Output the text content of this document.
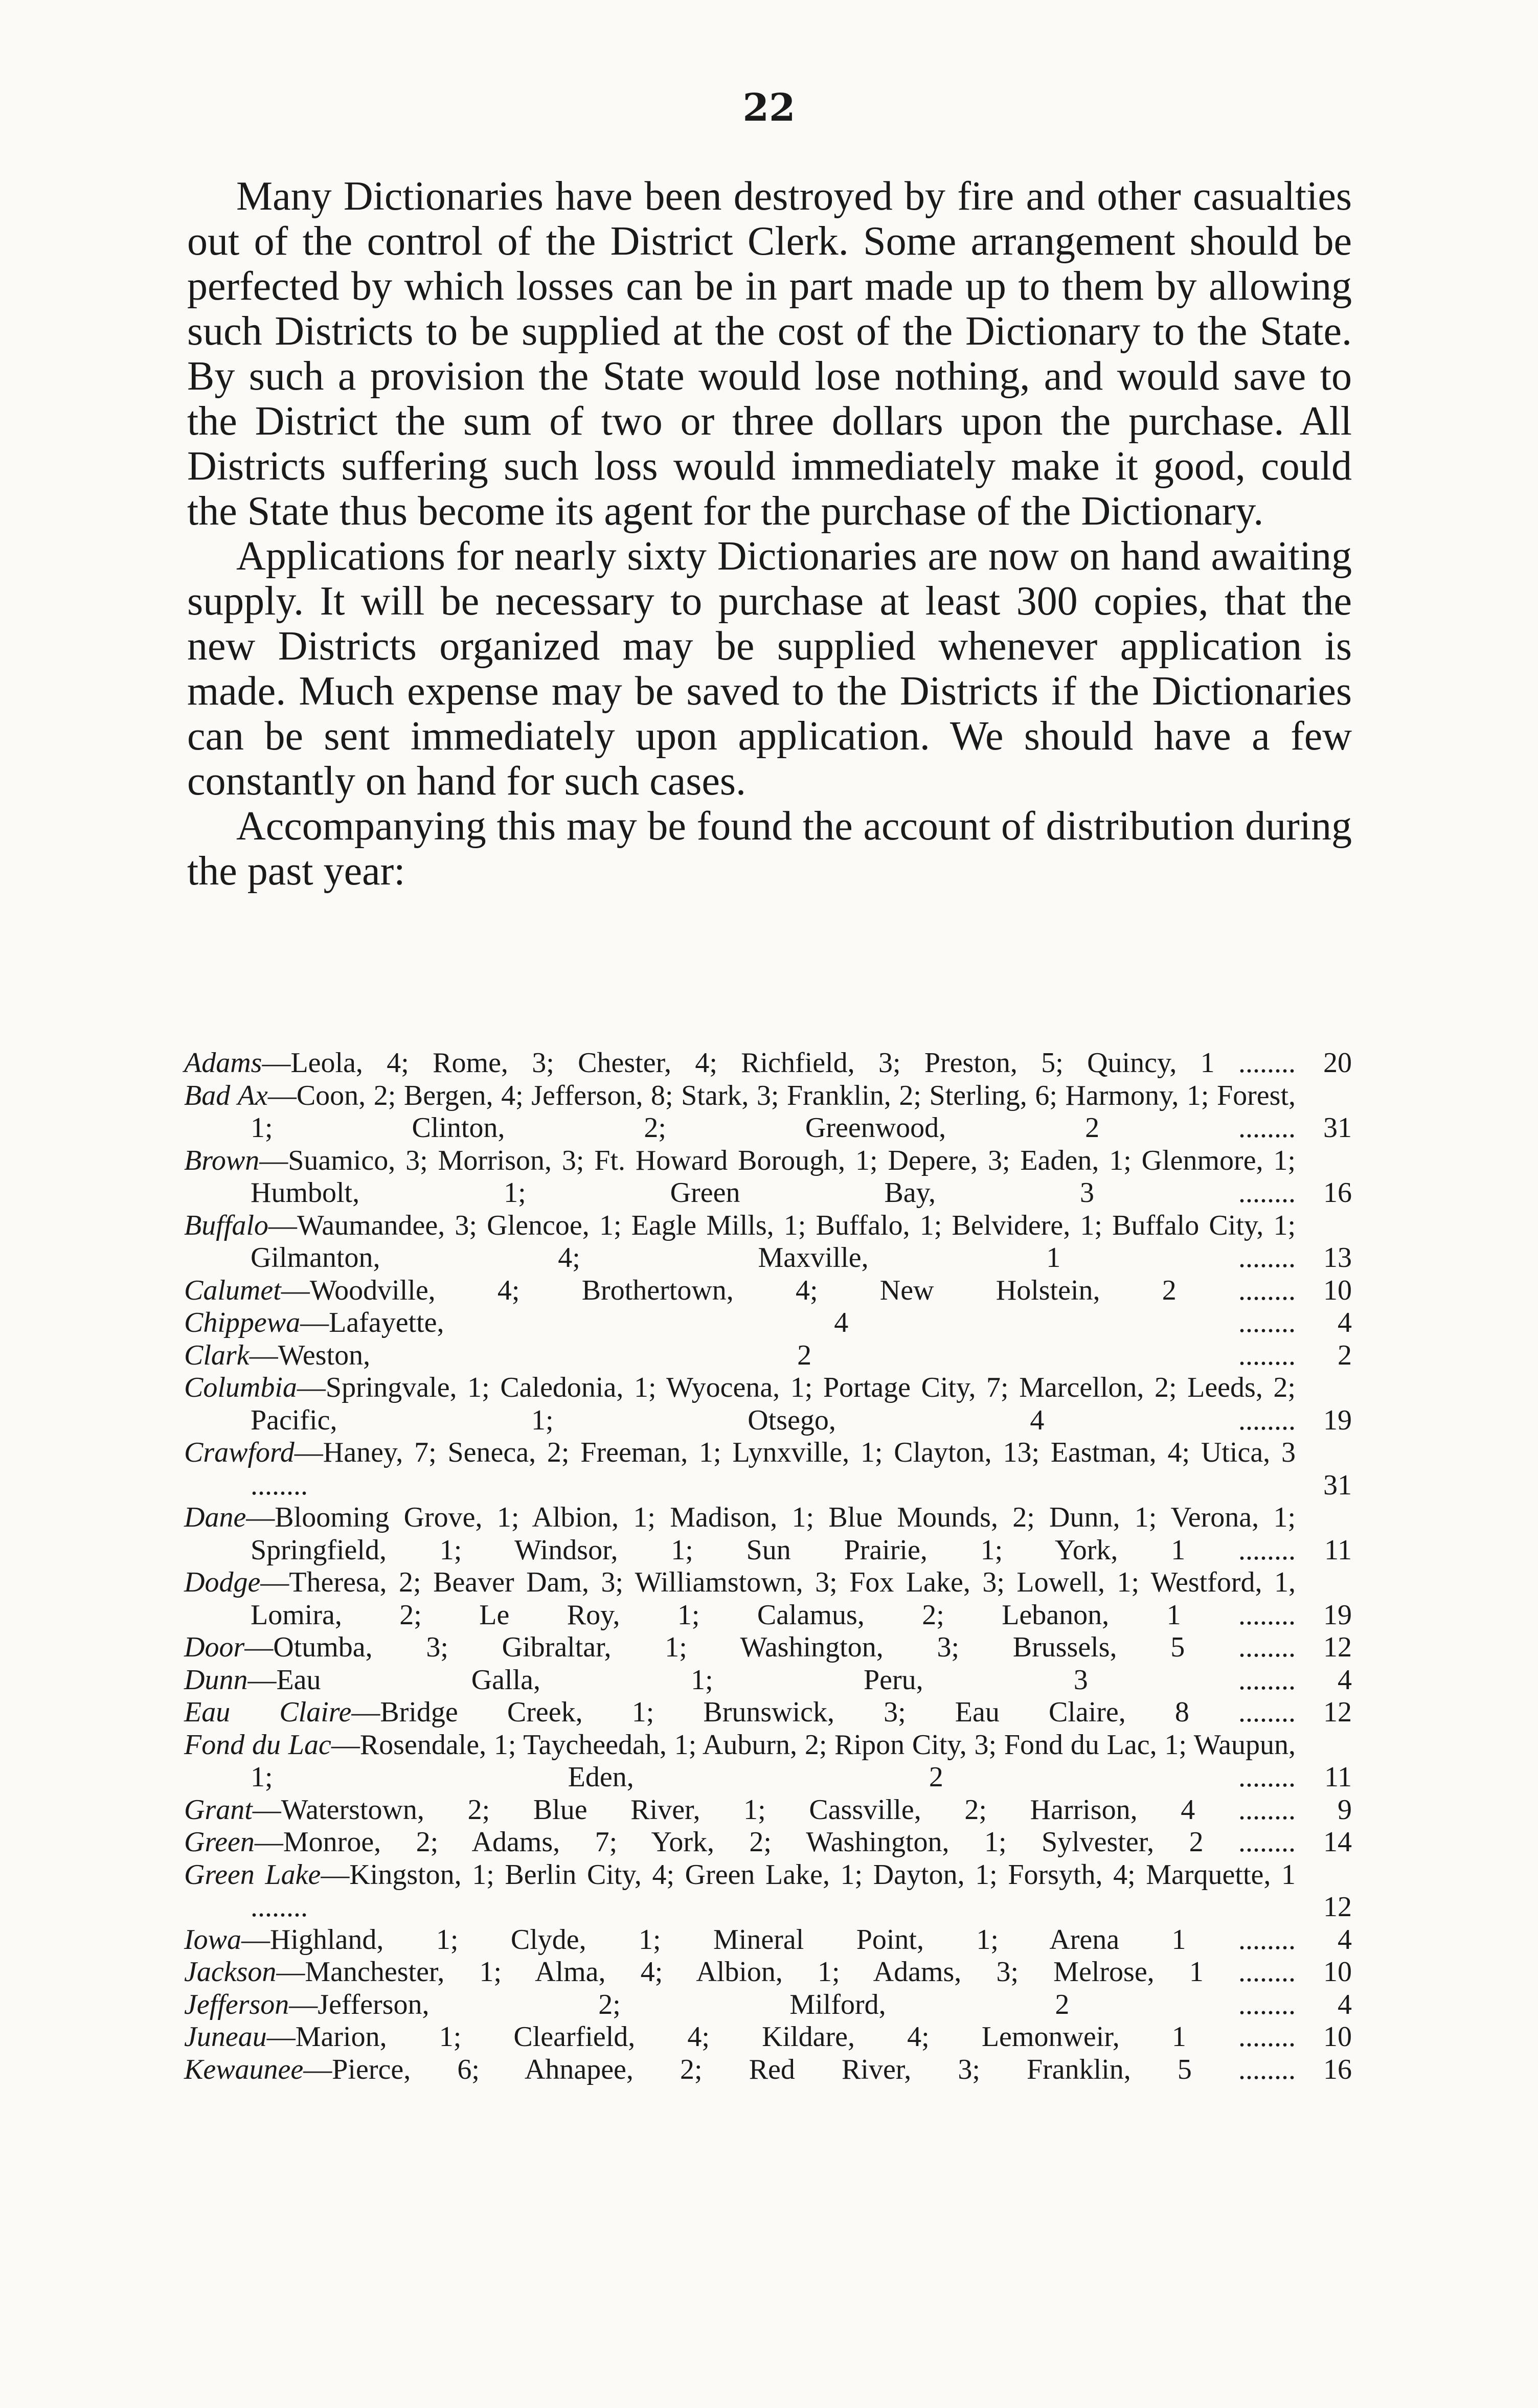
22

Many Dictionaries have been destroyed by fire and other casualties out of the control of the District Clerk. Some arrangement should be perfected by which losses can be in part made up to them by allowing such Districts to be supplied at the cost of the Dictionary to the State. By such a provision the State would lose nothing, and would save to the District the sum of two or three dollars upon the purchase. All Districts suffering such loss would immediately make it good, could the State thus become its agent for the purchase of the Dictionary.

Applications for nearly sixty Dictionaries are now on hand awaiting supply. It will be necessary to purchase at least 300 copies, that the new Districts organized may be supplied whenever application is made. Much expense may be saved to the Districts if the Dictionaries can be sent immediately upon application. We should have a few constantly on hand for such cases.

Accompanying this may be found the account of distribution during the past year:

Adams—Leola, 4; Rome, 3; Chester, 4; Richfield, 3; Preston, 5; Quincy, 1 ........ 20
Bad Ax—Coon, 2; Bergen, 4; Jefferson, 8; Stark, 3; Franklin, 2; Sterling, 6; Harmony, 1; Forest, 1; Clinton, 2; Greenwood, 2 ........ 31
Brown—Suamico, 3; Morrison, 3; Ft. Howard Borough, 1; Depere, 3; Eaden, 1; Glenmore, 1; Humbolt, 1; Green Bay, 3 ........ 16
Buffalo—Waumandee, 3; Glencoe, 1; Eagle Mills, 1; Buffalo, 1; Belvidere, 1; Buffalo City, 1; Gilmanton, 4; Maxville, 1 ........ 13
Calumet—Woodville, 4; Brothertown, 4; New Holstein, 2 ........ 10
Chippewa—Lafayette, 4 ........	4
Clark—Weston, 2 ........	2
Columbia—Springvale, 1; Caledonia, 1; Wyocena, 1; Portage City, 7; Marcellon, 2; Leeds, 2; Pacific, 1; Otsego, 4 ........ 19
Crawford—Haney, 7; Seneca, 2; Freeman, 1; Lynxville, 1; Clayton, 13; Eastman, 4; Utica, 3 ........	31
Dane—Blooming Grove, 1; Albion, 1; Madison, 1; Blue Mounds, 2; Dunn, 1; Verona, 1; Springfield, 1; Windsor, 1; Sun Prairie, 1; York, 1 ........	11
Dodge—Theresa, 2; Beaver Dam, 3; Williamstown, 3; Fox Lake, 3; Lowell, 1; Westford, 1, Lomira, 2; Le Roy, 1; Calamus, 2; Lebanon, 1 ........ 19
Door—Otumba, 3; Gibraltar, 1; Washington, 3; Brussels, 5 ........ 12
Dunn—Eau Galla, 1; Peru, 3 ........	4
Eau Claire—Bridge Creek, 1; Brunswick, 3; Eau Claire, 8 ........ 12
Fond du Lac—Rosendale, 1; Taycheedah, 1; Auburn, 2; Ripon City, 3; Fond du Lac, 1; Waupun, 1; Eden, 2 ........	11
Grant—Waterstown, 2; Blue River, 1; Cassville, 2; Harrison, 4 ........	9
Green—Monroe, 2; Adams, 7; York, 2; Washington, 1; Sylvester, 2 ........ 14
Green Lake—Kingston, 1; Berlin City, 4; Green Lake, 1; Dayton, 1; Forsyth, 4; Marquette, 1 ........	12
Iowa—Highland, 1; Clyde, 1; Mineral Point, 1; Arena 1 ........	4
Jackson—Manchester, 1; Alma, 4; Albion, 1; Adams, 3; Melrose, 1 ........ 10
Jefferson—Jefferson, 2; Milford, 2 ........	4
Juneau—Marion, 1; Clearfield, 4; Kildare, 4; Lemonweir, 1 ........ 10
Kewaunee—Pierce, 6; Ahnapee, 2; Red River, 3; Franklin, 5 ........ 16
